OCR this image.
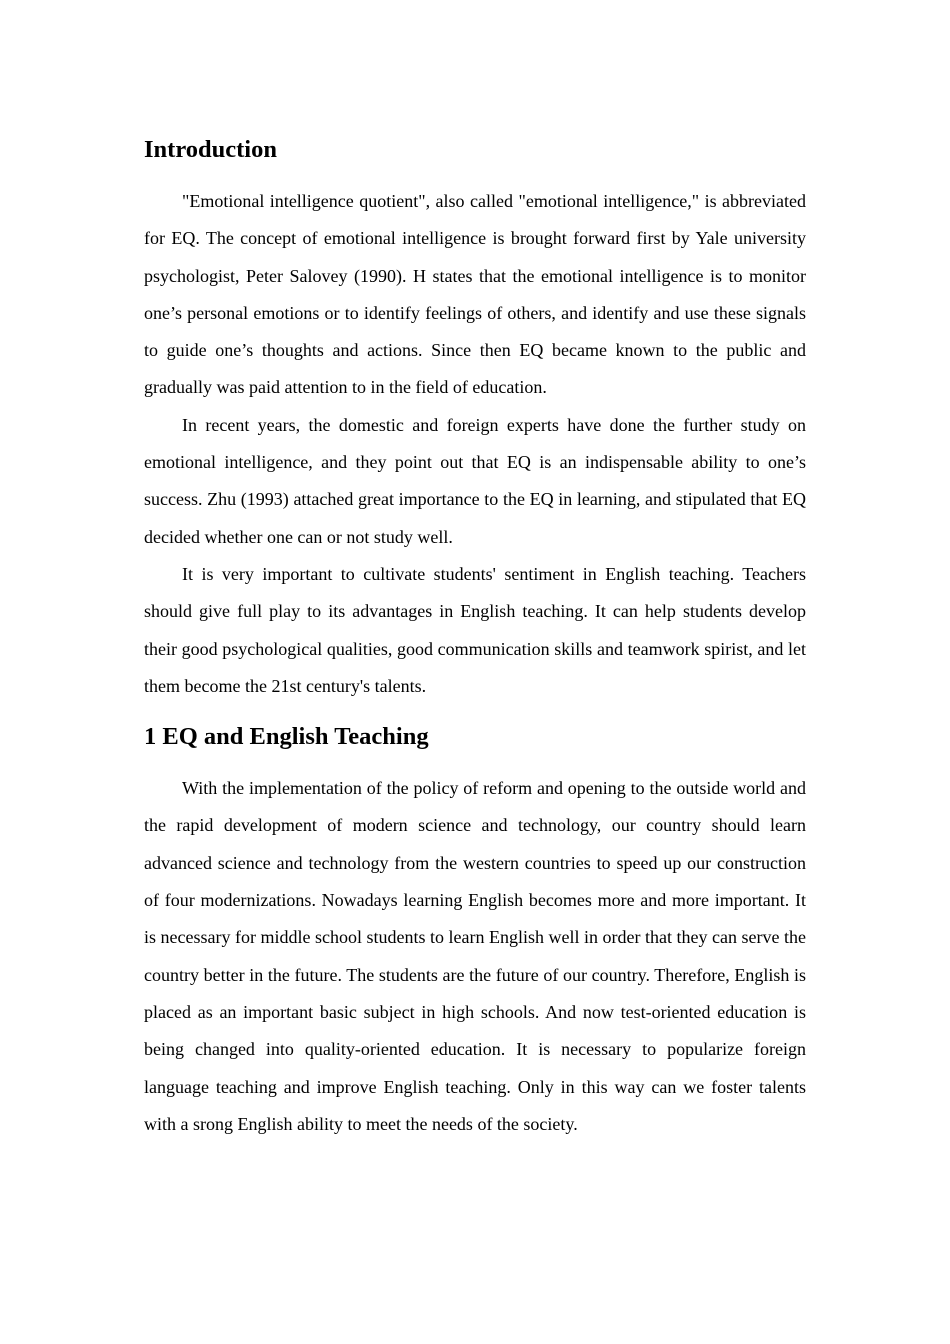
Introduction

"Emotional intelligence quotient", also called "emotional intelligence," is abbreviated for EQ. The concept of emotional intelligence is brought forward first by Yale university psychologist, Peter Salovey (1990). H states that the emotional intelligence is to monitor one’s personal emotions or to identify feelings of others, and identify and use these signals to guide one’s thoughts and actions. Since then EQ became known to the public and gradually was paid attention to in the field of education.

In recent years, the domestic and foreign experts have done the further study on emotional intelligence, and they point out that EQ is an indispensable ability to one’s success. Zhu (1993) attached great importance to the EQ in learning, and stipulated that EQ decided whether one can or not study well.

It is very important to cultivate students' sentiment in English teaching. Teachers should give full play to its advantages in English teaching. It can help students develop their good psychological qualities, good communication skills and teamwork spirist, and let them become the 21st century's talents.

1 EQ and English Teaching

With the implementation of the policy of reform and opening to the outside world and the rapid development of modern science and technology, our country should learn advanced science and technology from the western countries to speed up our construction of four modernizations. Nowadays learning English becomes more and more important. It is necessary for middle school students to learn English well in order that they can serve the country better in the future. The students are the future of our country. Therefore, English is placed as an important basic subject in high schools. And now test-oriented education is being changed into quality-oriented education. It is necessary to popularize foreign language teaching and improve English teaching. Only in this way can we foster talents with a srong English ability to meet the needs of the society.
